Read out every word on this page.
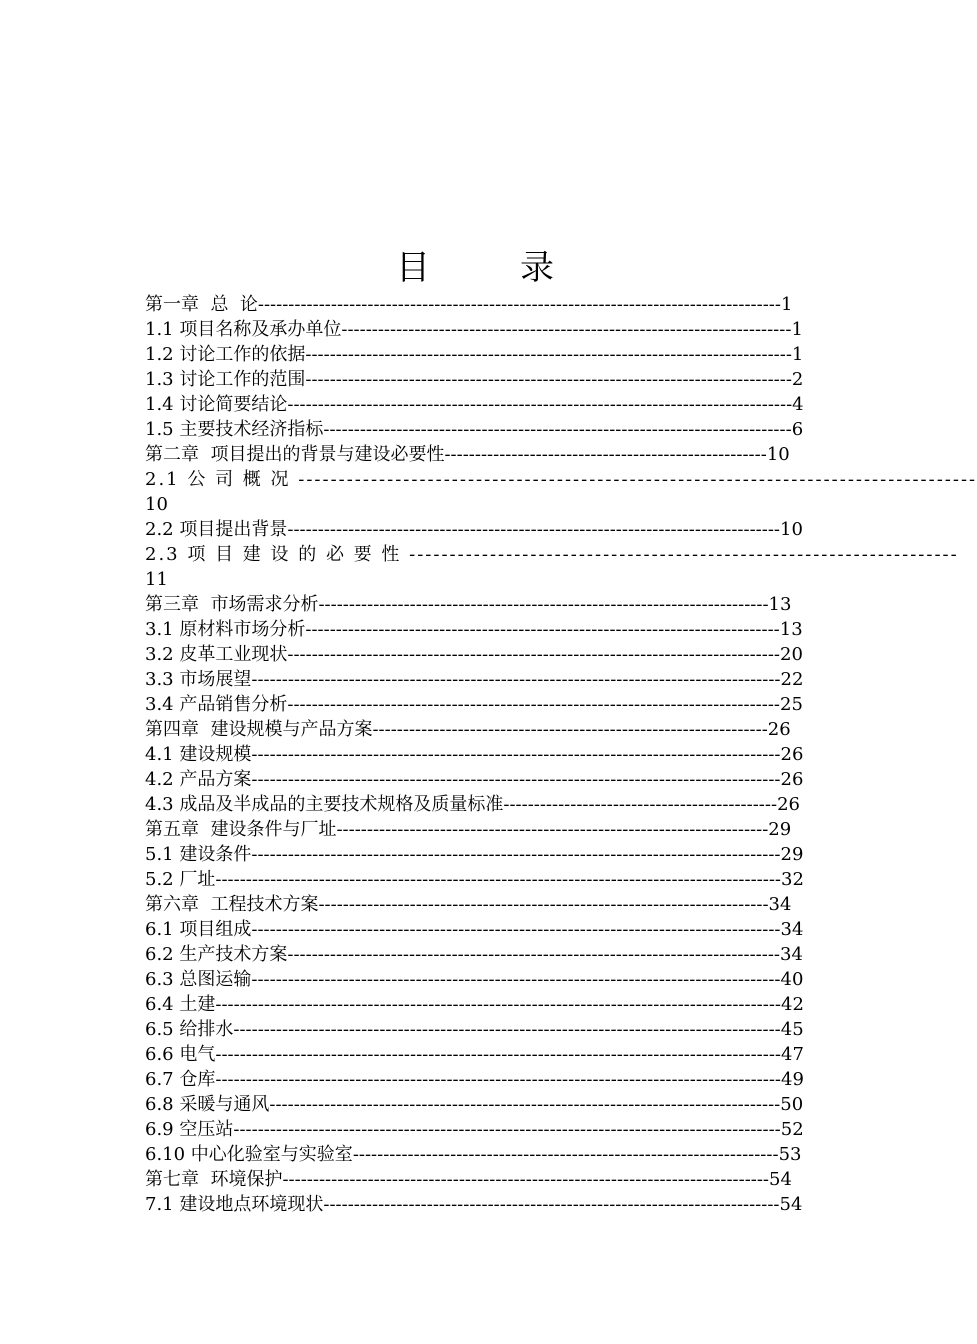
目　录
第一章  总  论--------------------------------------------------------------------------------------1
1.1 项目名称及承办单位--------------------------------------------------------------------------1
1.2 讨论工作的依据--------------------------------------------------------------------------------1
1.3 讨论工作的范围--------------------------------------------------------------------------------2
1.4 讨论简要结论-----------------------------------------------------------------------------------4
1.5 主要技术经济指标-----------------------------------------------------------------------------6
第二章  项目提出的背景与建设必要性-----------------------------------------------------10
2.1 公 司 概 况 ------------------------------------------------------------------------------------
10
2.2 项目提出背景---------------------------------------------------------------------------------10
2.3 项 目 建 设 的 必 要 性 --------------------------------------------------------------------
11
第三章  市场需求分析--------------------------------------------------------------------------13
3.1 原材料市场分析------------------------------------------------------------------------------13
3.2 皮革工业现状---------------------------------------------------------------------------------20
3.3 市场展望---------------------------------------------------------------------------------------22
3.4 产品销售分析---------------------------------------------------------------------------------25
第四章  建设规模与产品方案-----------------------------------------------------------------26
4.1 建设规模---------------------------------------------------------------------------------------26
4.2 产品方案---------------------------------------------------------------------------------------26
4.3 成品及半成品的主要技术规格及质量标准---------------------------------------------26
第五章  建设条件与厂址-----------------------------------------------------------------------29
5.1 建设条件---------------------------------------------------------------------------------------29
5.2 厂址---------------------------------------------------------------------------------------------32
第六章  工程技术方案--------------------------------------------------------------------------34
6.1 项目组成---------------------------------------------------------------------------------------34
6.2 生产技术方案---------------------------------------------------------------------------------34
6.3 总图运输---------------------------------------------------------------------------------------40
6.4 土建---------------------------------------------------------------------------------------------42
6.5 给排水------------------------------------------------------------------------------------------45
6.6 电气---------------------------------------------------------------------------------------------47
6.7 仓库---------------------------------------------------------------------------------------------49
6.8 采暖与通风------------------------------------------------------------------------------------50
6.9 空压站------------------------------------------------------------------------------------------52
6.10 中心化验室与实验室----------------------------------------------------------------------53
第七章  环境保护--------------------------------------------------------------------------------54
7.1 建设地点环境现状---------------------------------------------------------------------------54
